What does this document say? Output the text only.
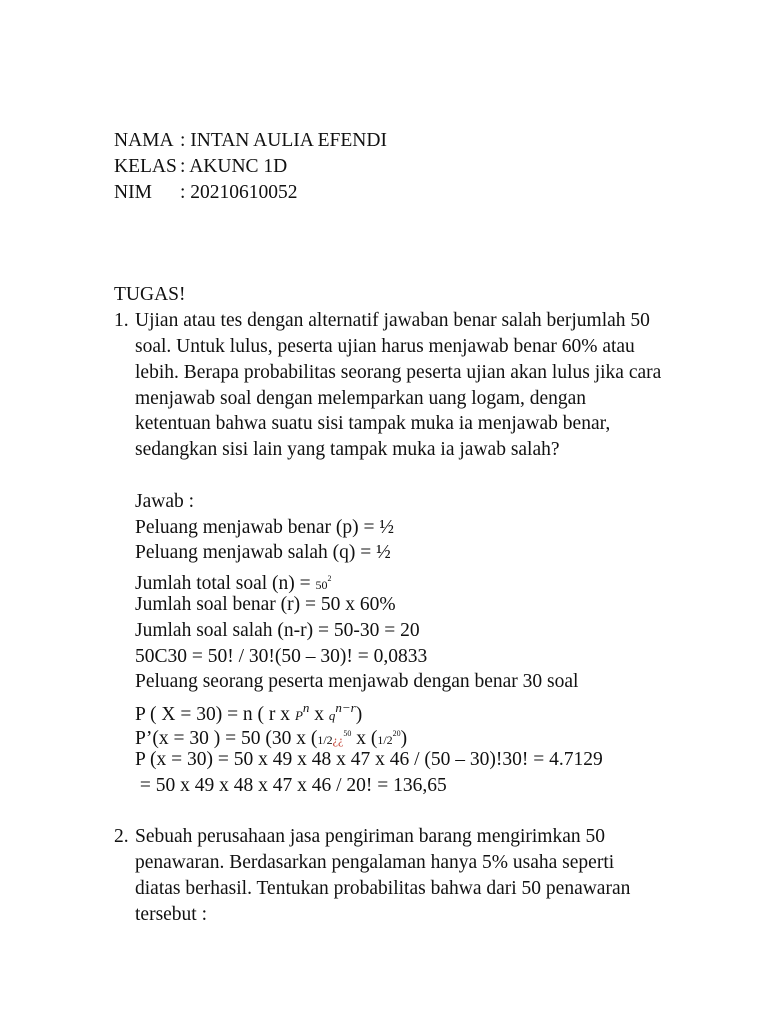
NAMA : INTAN AULIA EFENDI
KELAS : AKUNC 1D
NIM : 20210610052
TUGAS!
1. Ujian atau tes dengan alternatif jawaban benar salah berjumlah 50
soal. Untuk lulus, peserta ujian harus menjawab benar 60% atau
lebih. Berapa probabilitas seorang peserta ujian akan lulus jika cara
menjawab soal dengan melemparkan uang logam, dengan
ketentuan bahwa suatu sisi tampak muka ia menjawab benar,
sedangkan sisi lain yang tampak muka ia jawab salah?
Jawab :
Peluang menjawab benar (p) = ½
Peluang menjawab salah (q) = ½
Jumlah total soal $(n) = 50^2$
Jumlah soal benar (r) = 50 x 60%
Jumlah soal salah (n-r) = 50-30 = 20
50C30 = 50! / 30!(50 – 30)! = 0,0833
Peluang seorang peserta menjawab dengan benar 30 soal
P ( X = 30) = n ( r x $P^n$ x $q^{n-r}$)
P’(x = 30 ) = 50 (30 x (1/2¿¿$^{50}$ x $(1/2^{20})$
P (x = 30) = 50 x 49 x 48 x 47 x 46 / (50 – 30)!30! = 4.7129
= 50 x 49 x 48 x 47 x 46 / 20! = 136,65
2. Sebuah perusahaan jasa pengiriman barang mengirimkan 50
penawaran. Berdasarkan pengalaman hanya 5% usaha seperti
diatas berhasil. Tentukan probabilitas bahwa dari 50 penawaran
tersebut :
